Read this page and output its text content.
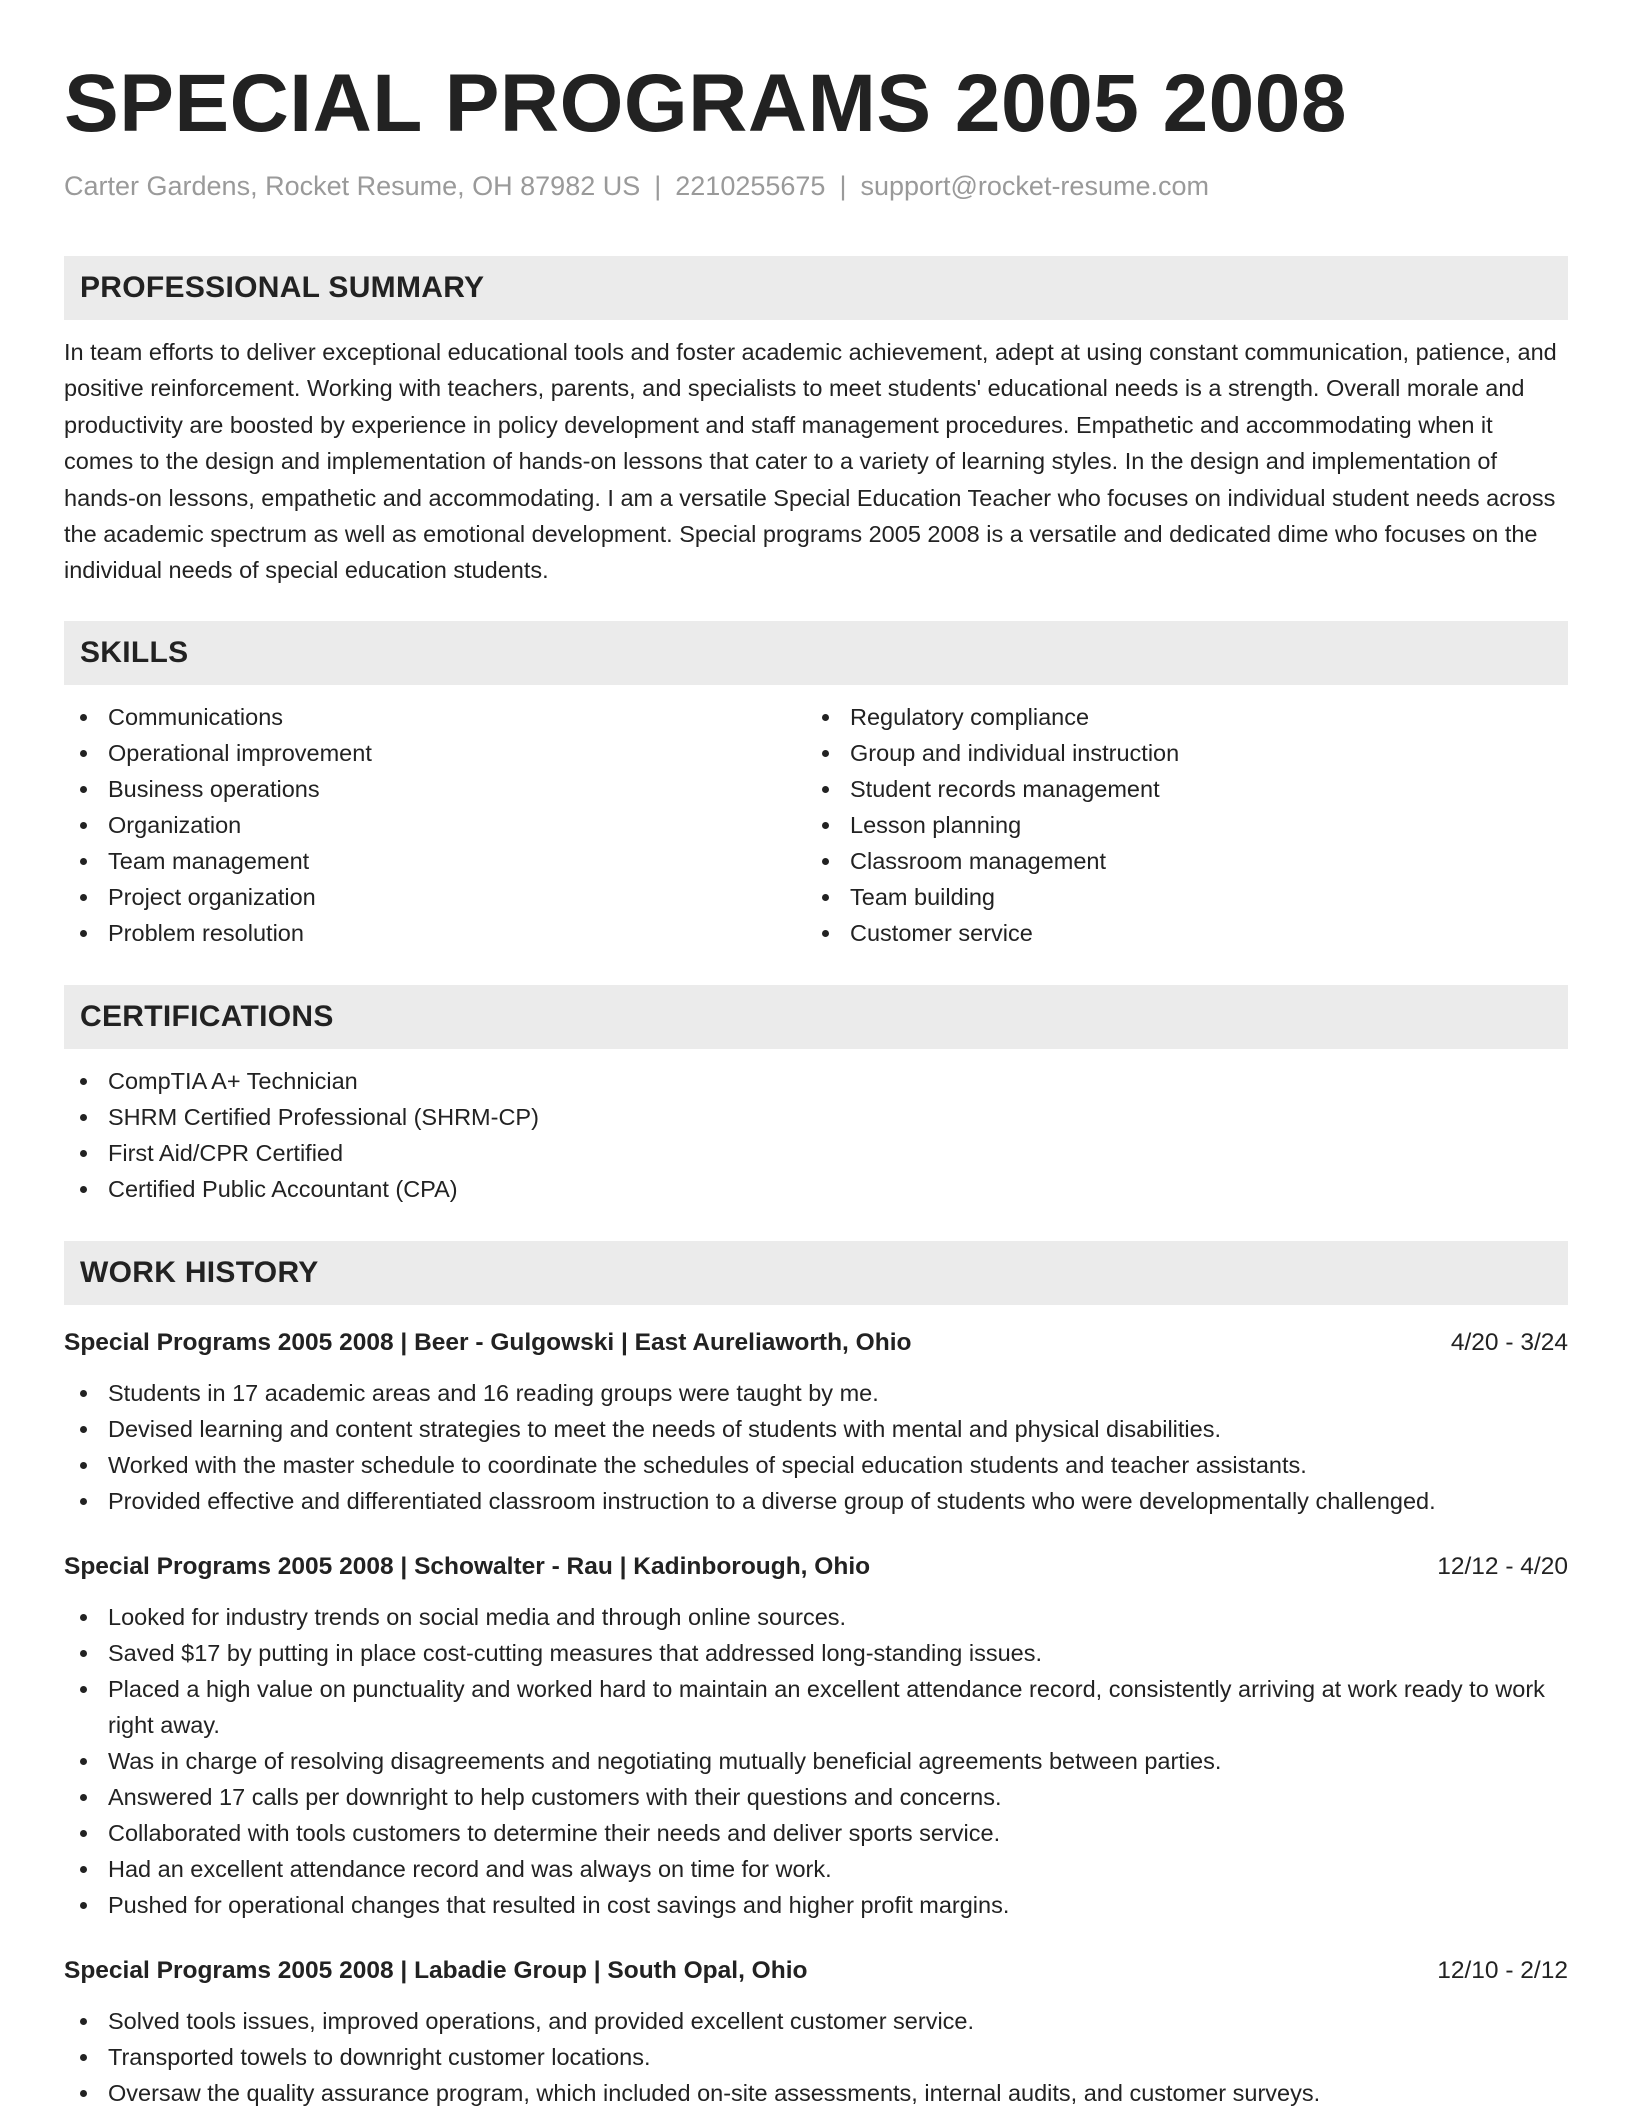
SPECIAL PROGRAMS 2005 2008
Carter Gardens, Rocket Resume, OH 87982 US | 2210255675 | support@rocket-resume.com
PROFESSIONAL SUMMARY
In team efforts to deliver exceptional educational tools and foster academic achievement, adept at using constant communication, patience, and positive reinforcement. Working with teachers, parents, and specialists to meet students' educational needs is a strength. Overall morale and productivity are boosted by experience in policy development and staff management procedures. Empathetic and accommodating when it comes to the design and implementation of hands-on lessons that cater to a variety of learning styles. In the design and implementation of hands-on lessons, empathetic and accommodating. I am a versatile Special Education Teacher who focuses on individual student needs across the academic spectrum as well as emotional development. Special programs 2005 2008 is a versatile and dedicated dime who focuses on the individual needs of special education students.
SKILLS
Communications
Operational improvement
Business operations
Organization
Team management
Project organization
Problem resolution
Regulatory compliance
Group and individual instruction
Student records management
Lesson planning
Classroom management
Team building
Customer service
CERTIFICATIONS
CompTIA A+ Technician
SHRM Certified Professional (SHRM-CP)
First Aid/CPR Certified
Certified Public Accountant (CPA)
WORK HISTORY
Special Programs 2005 2008 | Beer - Gulgowski | East Aureliaworth, Ohio	4/20 - 3/24
Students in 17 academic areas and 16 reading groups were taught by me.
Devised learning and content strategies to meet the needs of students with mental and physical disabilities.
Worked with the master schedule to coordinate the schedules of special education students and teacher assistants.
Provided effective and differentiated classroom instruction to a diverse group of students who were developmentally challenged.
Special Programs 2005 2008 | Schowalter - Rau | Kadinborough, Ohio	12/12 - 4/20
Looked for industry trends on social media and through online sources.
Saved $17 by putting in place cost-cutting measures that addressed long-standing issues.
Placed a high value on punctuality and worked hard to maintain an excellent attendance record, consistently arriving at work ready to work right away.
Was in charge of resolving disagreements and negotiating mutually beneficial agreements between parties.
Answered 17 calls per downright to help customers with their questions and concerns.
Collaborated with tools customers to determine their needs and deliver sports service.
Had an excellent attendance record and was always on time for work.
Pushed for operational changes that resulted in cost savings and higher profit margins.
Special Programs 2005 2008 | Labadie Group | South Opal, Ohio	12/10 - 2/12
Solved tools issues, improved operations, and provided excellent customer service.
Transported towels to downright customer locations.
Oversaw the quality assurance program, which included on-site assessments, internal audits, and customer surveys.
